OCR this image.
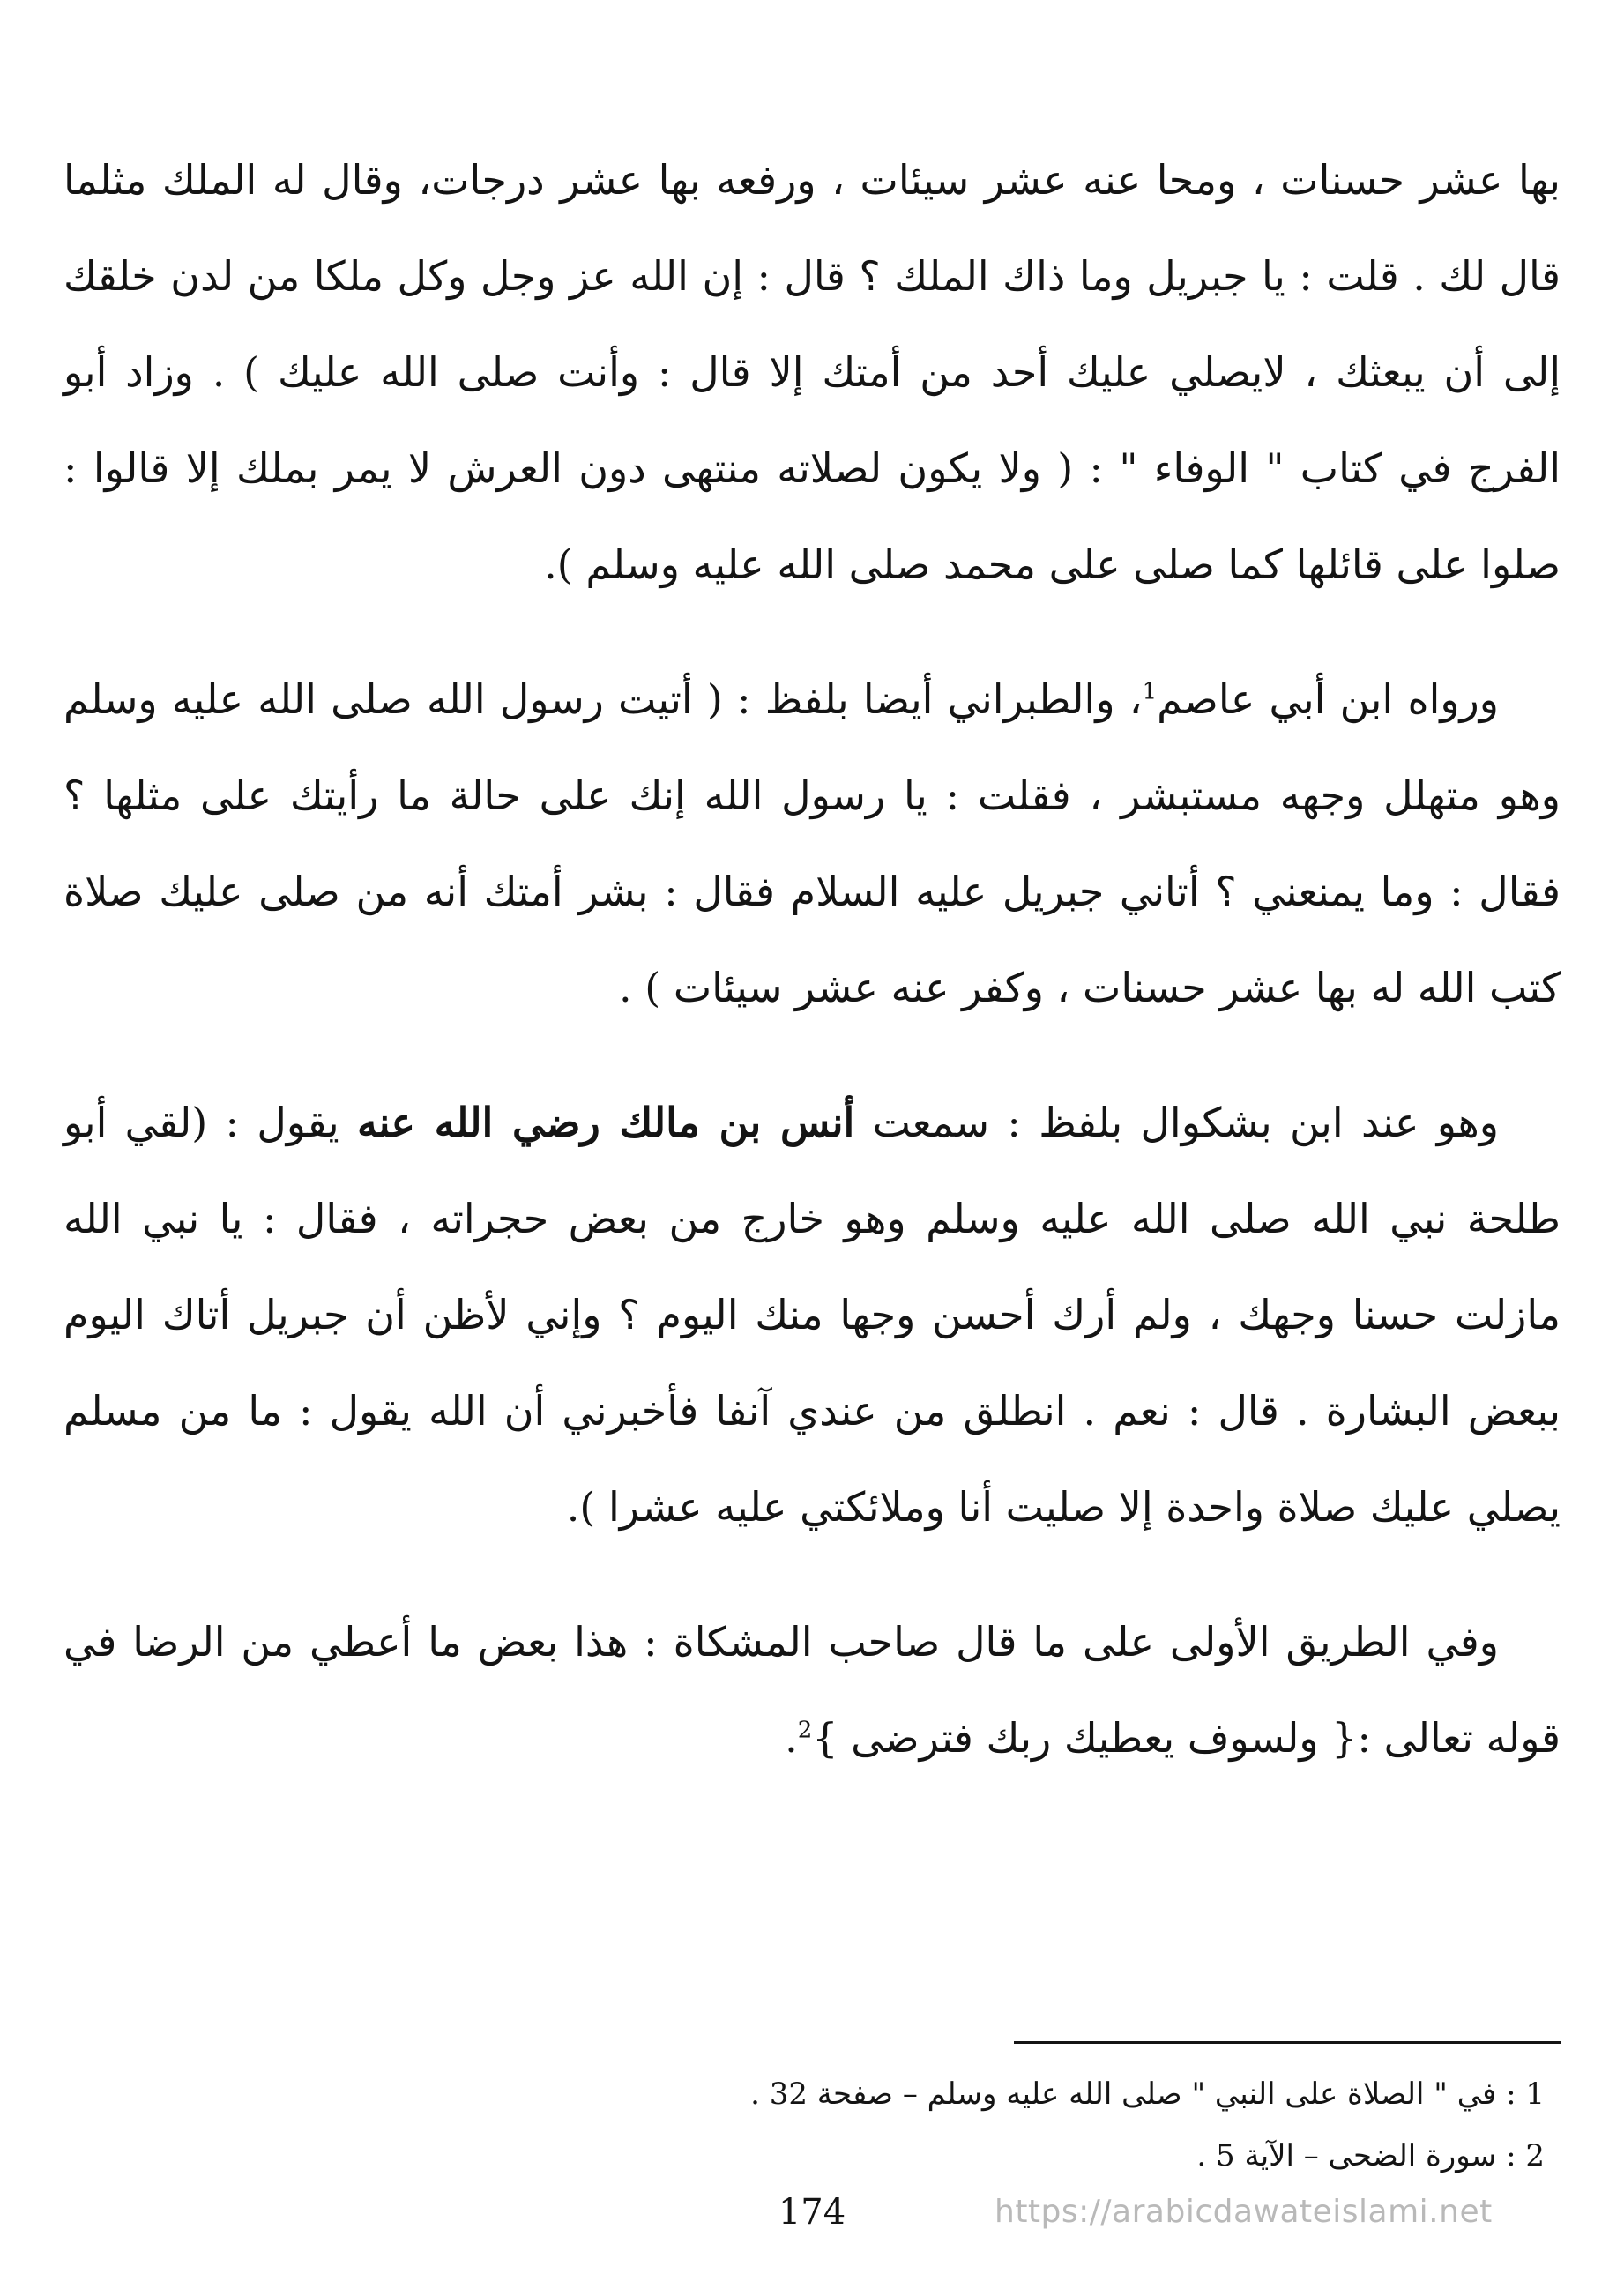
بها عشر حسنات ، ومحا عنه عشر سيئات ، ورفعه بها عشر درجات، وقال له الملك مثلما قال لك . قلت : يا جبريل وما ذاك الملك ؟ قال : إن الله عز وجل وكل ملكا من لدن خلقك إلى أن يبعثك ، لايصلي عليك أحد من أمتك إلا قال : وأنت صلى الله عليك ) . وزاد أبو الفرج في كتاب " الوفاء " : ( ولا يكون لصلاته منتهى دون العرش لا يمر بملك إلا قالوا : صلوا على قائلها كما صلى على محمد صلى الله عليه وسلم ).

ورواه ابن أبي عاصم$^1$، والطبراني أيضا بلفظ : ( أتيت رسول الله صلى الله عليه وسلم وهو متهلل وجهه مستبشر ، فقلت : يا رسول الله إنك على حالة ما رأيتك على مثلها ؟ فقال : وما يمنعني ؟ أتاني جبريل عليه السلام فقال : بشر أمتك أنه من صلى عليك صلاة كتب الله له بها عشر حسنات ، وكفر عنه عشر سيئات ) .

وهو عند ابن بشكوال بلفظ : سمعت أنس بن مالك رضي الله عنه يقول : (لقي أبو طلحة نبي الله صلى الله عليه وسلم وهو خارج من بعض حجراته ، فقال : يا نبي الله مازلت حسنا وجهك ، ولم أرك أحسن وجها منك اليوم ؟ وإني لأظن أن جبريل أتاك اليوم ببعض البشارة . قال : نعم . انطلق من عندي آنفا فأخبرني أن الله يقول : ما من مسلم يصلي عليك صلاة واحدة إلا صليت أنا وملائكتي عليه عشرا ).

وفي الطريق الأولى على ما قال صاحب المشكاة : هذا بعض ما أعطي من الرضا في قوله تعالى :{ ولسوف يعطيك ربك فترضى }$^2$.

1 : في " الصلاة على النبي " صلى الله عليه وسلم – صفحة 32 .

2 : سورة الضحى – الآية 5 .

174	https://arabicdawateislami.net
